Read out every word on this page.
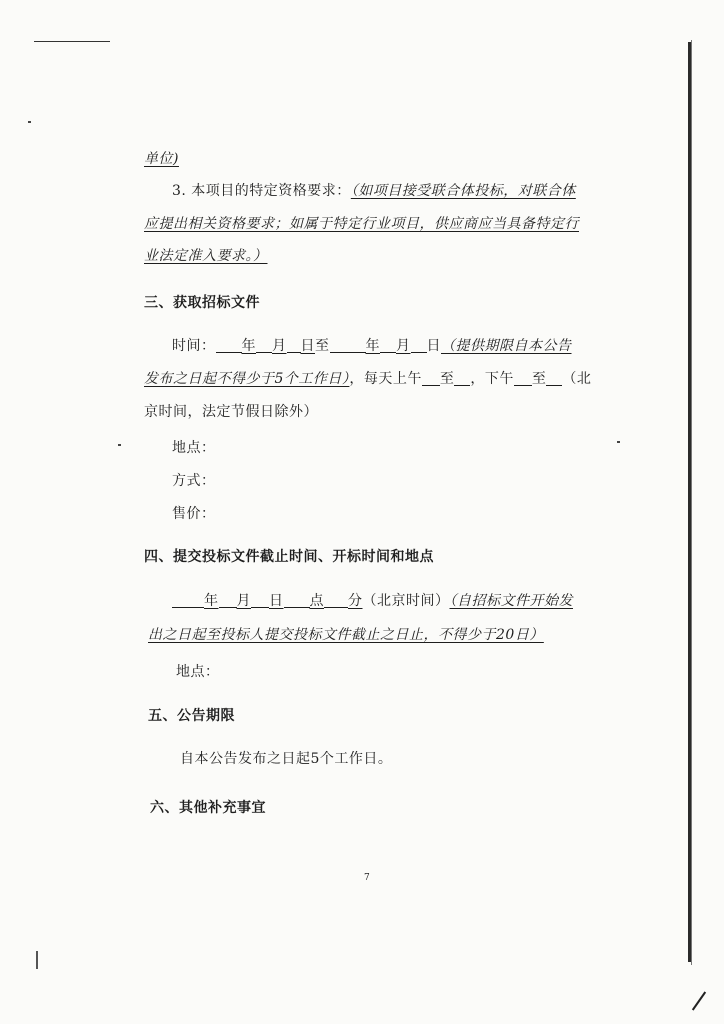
单位)
3. 本项目的特定资格要求：（如项目接受联合体投标，对联合体
应提出相关资格要求；如属于特定行业项目，供应商应当具备特定行
业法定准入要求。）
三、获取招标文件
时间： 年 月 日至	年 月 日（提供期限自本公告
发布之日起不得少于5个工作日），每天上午 至 ，下午 至 （北
京时间，法定节假日除外）
地点：
方式：
售价：
四、提交投标文件截止时间、开标时间和地点
年 月 日 点 分（北京时间）（自招标文件开始发
出之日起至投标人提交投标文件截止之日止，不得少于20日）
地点：
五、公告期限
自本公告发布之日起5个工作日。
六、其他补充事宜
7
